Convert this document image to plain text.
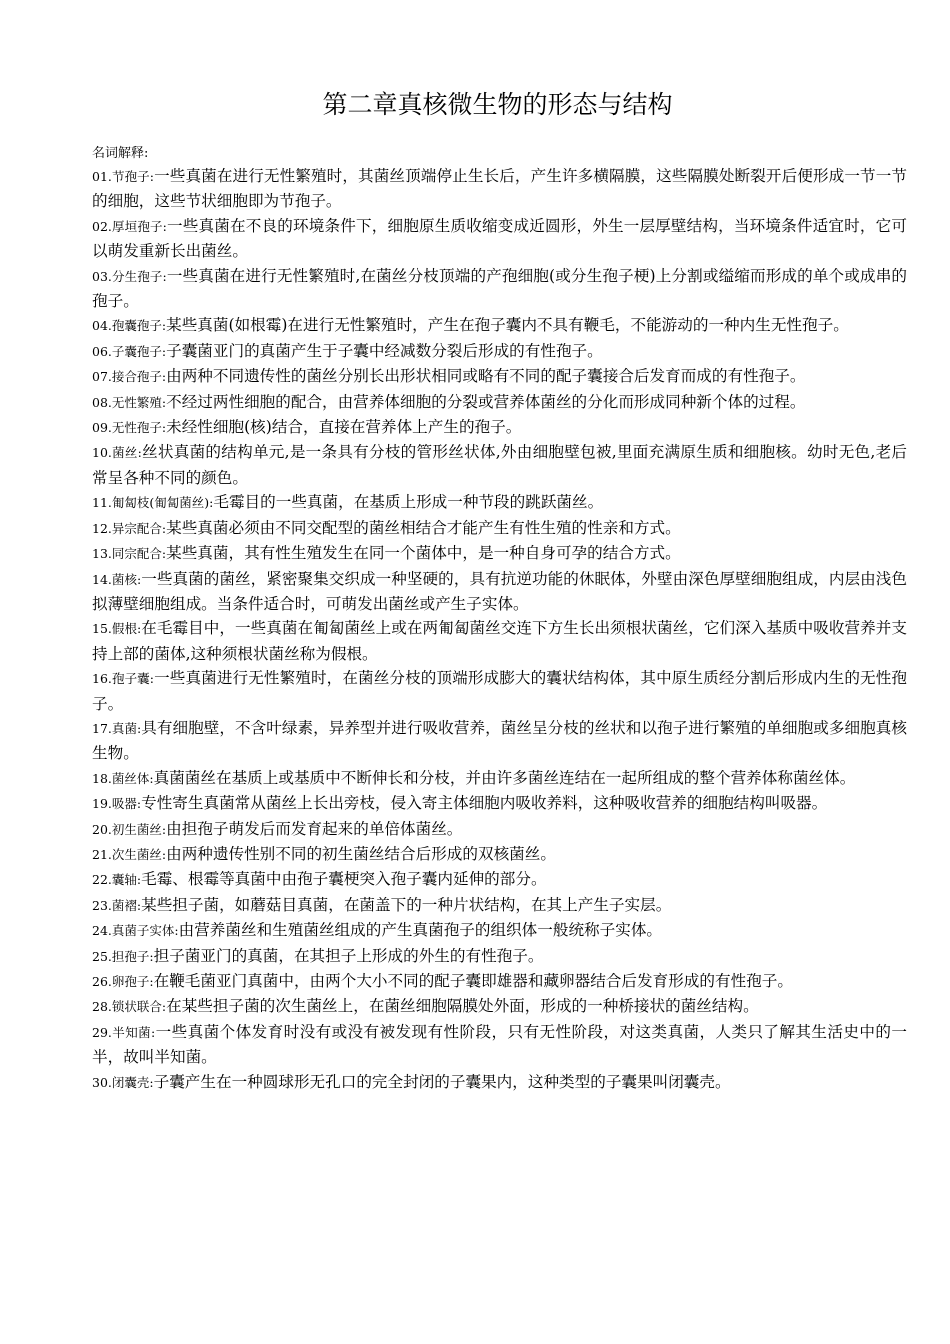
第二章真核微生物的形态与结构
名词解释:

01.节孢子:一些真菌在进行无性繁殖时，其菌丝顶端停止生长后，产生许多横隔膜，这些隔膜处断裂开后便形成一节一节的细胞，这些节状细胞即为节孢子。

02.厚垣孢子:一些真菌在不良的环境条件下，细胞原生质收缩变成近圆形，外生一层厚壁结构，当环境条件适宜时，它可以萌发重新长出菌丝。

03.分生孢子:一些真菌在进行无性繁殖时,在菌丝分枝顶端的产孢细胞(或分生孢子梗)上分割或缢缩而形成的单个或成串的孢子。

04.孢囊孢子:某些真菌(如根霉)在进行无性繁殖时，产生在孢子囊内不具有鞭毛，不能游动的一种内生无性孢子。

06.子囊孢子:子囊菌亚门的真菌产生于子囊中经减数分裂后形成的有性孢子。

07.接合孢子:由两种不同遗传性的菌丝分别长出形状相同或略有不同的配子囊接合后发育而成的有性孢子。

08.无性繁殖:不经过两性细胞的配合，由营养体细胞的分裂或营养体菌丝的分化而形成同种新个体的过程。

09.无性孢子:未经性细胞(核)结合，直接在营养体上产生的孢子。

10.菌丝:丝状真菌的结构单元,是一条具有分枝的管形丝状体,外由细胞壁包被,里面充满原生质和细胞核。幼时无色,老后常呈各种不同的颜色。

11.匍匐枝(匍匐菌丝):毛霉目的一些真菌，在基质上形成一种节段的跳跃菌丝。

12.异宗配合:某些真菌必须由不同交配型的菌丝相结合才能产生有性生殖的性亲和方式。

13.同宗配合:某些真菌，其有性生殖发生在同一个菌体中，是一种自身可孕的结合方式。

14.菌核:一些真菌的菌丝，紧密聚集交织成一种坚硬的，具有抗逆功能的休眠体，外壁由深色厚壁细胞组成，内层由浅色拟薄壁细胞组成。当条件适合时，可萌发出菌丝或产生子实体。

15.假根:在毛霉目中，一些真菌在匍匐菌丝上或在两匍匐菌丝交连下方生长出须根状菌丝，它们深入基质中吸收营养并支持上部的菌体,这种须根状菌丝称为假根。

16.孢子囊:一些真菌进行无性繁殖时，在菌丝分枝的顶端形成膨大的囊状结构体，其中原生质经分割后形成内生的无性孢子。

17.真菌:具有细胞壁，不含叶绿素，异养型并进行吸收营养，菌丝呈分枝的丝状和以孢子进行繁殖的单细胞或多细胞真核生物。

18.菌丝体:真菌菌丝在基质上或基质中不断伸长和分枝，并由许多菌丝连结在一起所组成的整个营养体称菌丝体。

19.吸器:专性寄生真菌常从菌丝上长出旁枝，侵入寄主体细胞内吸收养料，这种吸收营养的细胞结构叫吸器。

20.初生菌丝:由担孢子萌发后而发育起来的单倍体菌丝。

21.次生菌丝:由两种遗传性别不同的初生菌丝结合后形成的双核菌丝。

22.囊轴:毛霉、根霉等真菌中由孢子囊梗突入孢子囊内延伸的部分。

23.菌褶:某些担子菌，如蘑菇目真菌，在菌盖下的一种片状结构，在其上产生子实层。

24.真菌子实体:由营养菌丝和生殖菌丝组成的产生真菌孢子的组织体一般统称子实体。

25.担孢子:担子菌亚门的真菌，在其担子上形成的外生的有性孢子。

26.卵孢子:在鞭毛菌亚门真菌中，由两个大小不同的配子囊即雄器和藏卵器结合后发育形成的有性孢子。

28.锁状联合:在某些担子菌的次生菌丝上，在菌丝细胞隔膜处外面，形成的一种桥接状的菌丝结构。

29.半知菌:一些真菌个体发育时没有或没有被发现有性阶段，只有无性阶段，对这类真菌，人类只了解其生活史中的一半，故叫半知菌。

30.闭囊壳:子囊产生在一种圆球形无孔口的完全封闭的子囊果内，这种类型的子囊果叫闭囊壳。
